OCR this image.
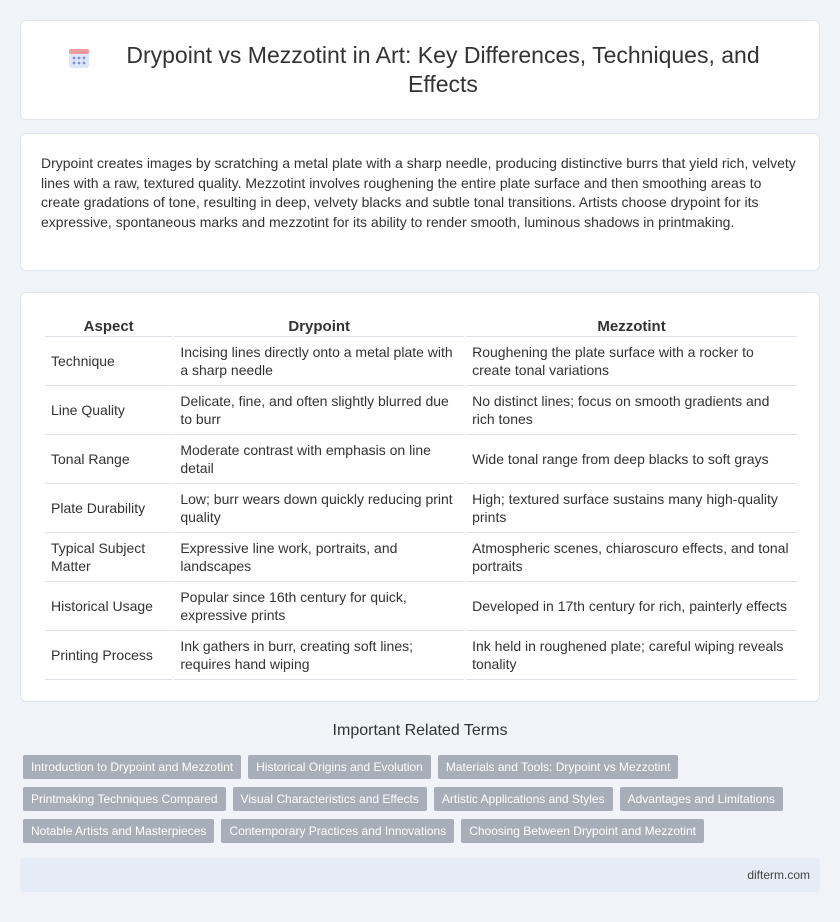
Drypoint vs Mezzotint in Art: Key Differences, Techniques, and Effects

Drypoint creates images by scratching a metal plate with a sharp needle, producing distinctive burrs that yield rich, velvety lines with a raw, textured quality. Mezzotint involves roughening the entire plate surface and then smoothing areas to create gradations of tone, resulting in deep, velvety blacks and subtle tonal transitions. Artists choose drypoint for its expressive, spontaneous marks and mezzotint for its ability to render smooth, luminous shadows in printmaking.

Aspect	Drypoint	Mezzotint
Technique	Incising lines directly onto a metal plate with a sharp needle	Roughening the plate surface with a rocker to create tonal variations
Line Quality	Delicate, fine, and often slightly blurred due to burr	No distinct lines; focus on smooth gradients and rich tones
Tonal Range	Moderate contrast with emphasis on line detail	Wide tonal range from deep blacks to soft grays
Plate Durability	Low; burr wears down quickly reducing print quality	High; textured surface sustains many high-quality prints
Typical Subject Matter	Expressive line work, portraits, and landscapes	Atmospheric scenes, chiaroscuro effects, and tonal portraits
Historical Usage	Popular since 16th century for quick, expressive prints	Developed in 17th century for rich, painterly effects
Printing Process	Ink gathers in burr, creating soft lines; requires hand wiping	Ink held in roughened plate; careful wiping reveals tonality
Important Related Terms
Introduction to Drypoint and Mezzotint	Historical Origins and Evolution	Materials and Tools: Drypoint vs Mezzotint
Printmaking Techniques Compared	Visual Characteristics and Effects	Artistic Applications and Styles	Advantages and Limitations
Notable Artists and Masterpieces	Contemporary Practices and Innovations	Choosing Between Drypoint and Mezzotint
difterm.com
